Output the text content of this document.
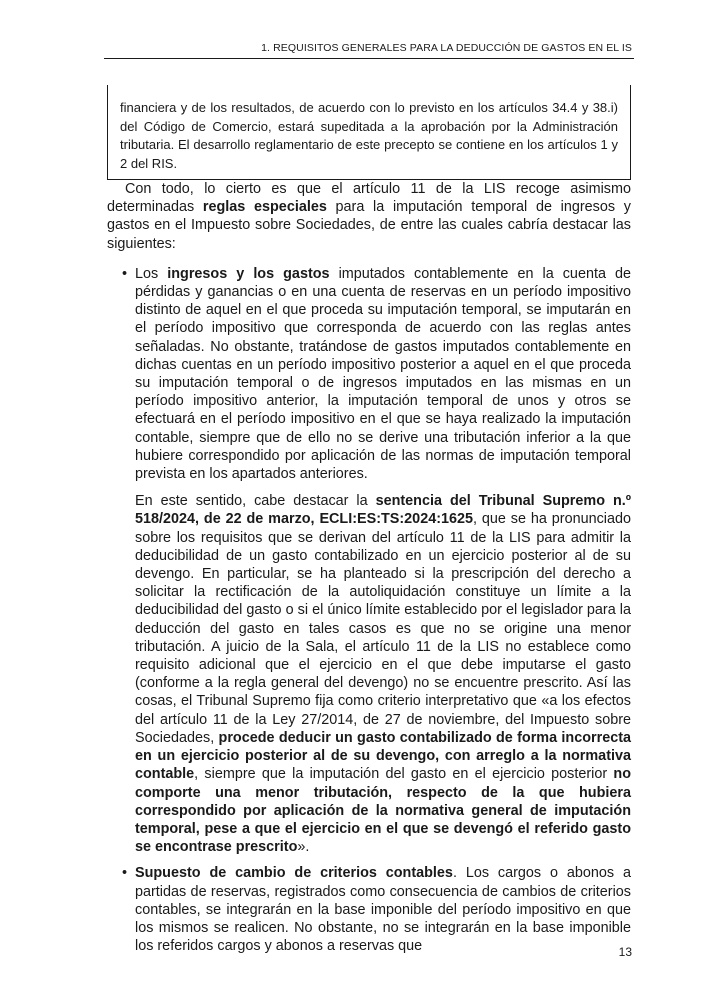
1. REQUISITOS GENERALES PARA LA DEDUCCIÓN DE GASTOS EN EL IS
financiera y de los resultados, de acuerdo con lo previsto en los artículos 34.4 y 38.i) del Código de Comercio, estará supeditada a la aprobación por la Administración tributaria. El desarrollo reglamentario de este precepto se contiene en los artículos 1 y 2 del RIS.

Con todo, lo cierto es que el artículo 11 de la LIS recoge asimismo determinadas reglas especiales para la imputación temporal de ingresos y gastos en el Impuesto sobre Sociedades, de entre las cuales cabría destacar las siguientes:

• Los ingresos y los gastos imputados contablemente en la cuenta de pérdidas y ganancias o en una cuenta de reservas en un período impositivo distinto de aquel en el que proceda su imputación temporal, se imputarán en el período impositivo que corresponda de acuerdo con las reglas antes señaladas. No obstante, tratándose de gastos imputados contablemente en dichas cuentas en un período impositivo posterior a aquel en el que proceda su imputación temporal o de ingresos imputados en las mismas en un período impositivo anterior, la imputación temporal de unos y otros se efectuará en el período impositivo en el que se haya realizado la imputación contable, siempre que de ello no se derive una tributación inferior a la que hubiere correspondido por aplicación de las normas de imputación temporal prevista en los apartados anteriores.

En este sentido, cabe destacar la sentencia del Tribunal Supremo n.º 518/2024, de 22 de marzo, ECLI:ES:TS:2024:1625, que se ha pronunciado sobre los requisitos que se derivan del artículo 11 de la LIS para admitir la deducibilidad de un gasto contabilizado en un ejercicio posterior al de su devengo. En particular, se ha planteado si la prescripción del derecho a solicitar la rectificación de la autoliquidación constituye un límite a la deducibilidad del gasto o si el único límite establecido por el legislador para la deducción del gasto en tales casos es que no se origine una menor tributación. A juicio de la Sala, el artículo 11 de la LIS no establece como requisito adicional que el ejercicio en el que debe imputarse el gasto (conforme a la regla general del devengo) no se encuentre prescrito. Así las cosas, el Tribunal Supremo fija como criterio interpretativo que «a los efectos del artículo 11 de la Ley 27/2014, de 27 de noviembre, del Impuesto sobre Sociedades, procede deducir un gasto contabilizado de forma incorrecta en un ejercicio posterior al de su devengo, con arreglo a la normativa contable, siempre que la imputación del gasto en el ejercicio posterior no comporte una menor tributación, respecto de la que hubiera correspondido por aplicación de la normativa general de imputación temporal, pese a que el ejercicio en el que se devengó el referido gasto se encontrase prescrito».

• Supuesto de cambio de criterios contables. Los cargos o abonos a partidas de reservas, registrados como consecuencia de cambios de criterios contables, se integrarán en la base imponible del período impositivo en que los mismos se realicen. No obstante, no se integrarán en la base imponible los referidos cargos y abonos a reservas que	13
